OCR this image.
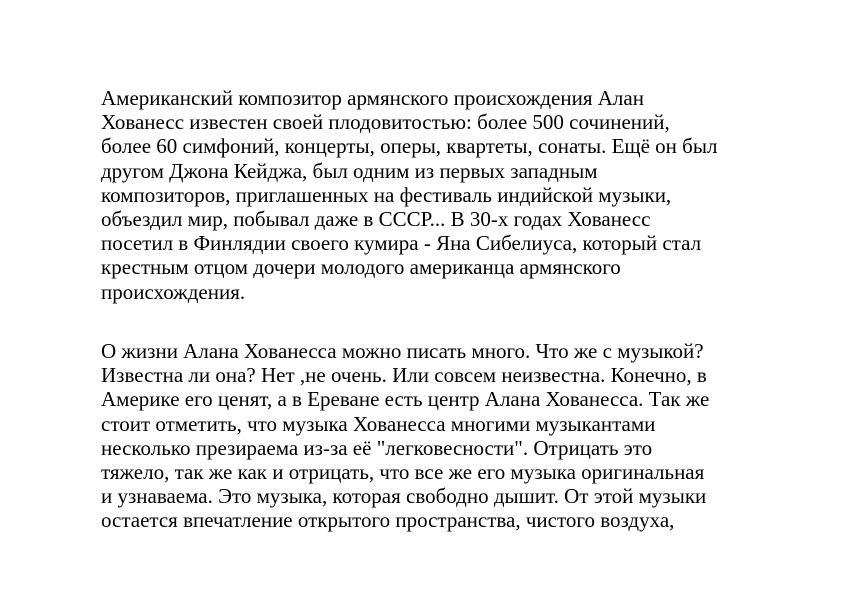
Американский композитор армянского происхождения Алан
Хованесс известен своей плодовитостью: более 500 сочинений,
более 60 симфоний, концерты, оперы, квартеты, сонаты. Ещё он был
другом Джона Кейджа, был одним из первых западным
композиторов, приглашенных на фестиваль индийской музыки,
объездил мир, побывал даже в СССР... В 30-х годах Хованесс
посетил в Финлядии своего кумира - Яна Сибелиуса, который стал
крестным отцом дочери молодого американца армянского
происхождения.
О жизни Алана Хованесса можно писать много. Что же с музыкой?
Известна ли она? Нет ,не очень. Или совсем неизвестна. Конечно, в
Америке его ценят, а в Ереване есть центр Алана Хованесса. Так же
стоит отметить, что музыка Хованесса многими музыкантами
несколько презираема из-за её "легковесности". Отрицать это
тяжело, так же как и отрицать, что все же его музыка оригинальная
и узнаваема. Это музыка, которая свободно дышит. От этой музыки
остается впечатление открытого пространства, чистого воздуха,
